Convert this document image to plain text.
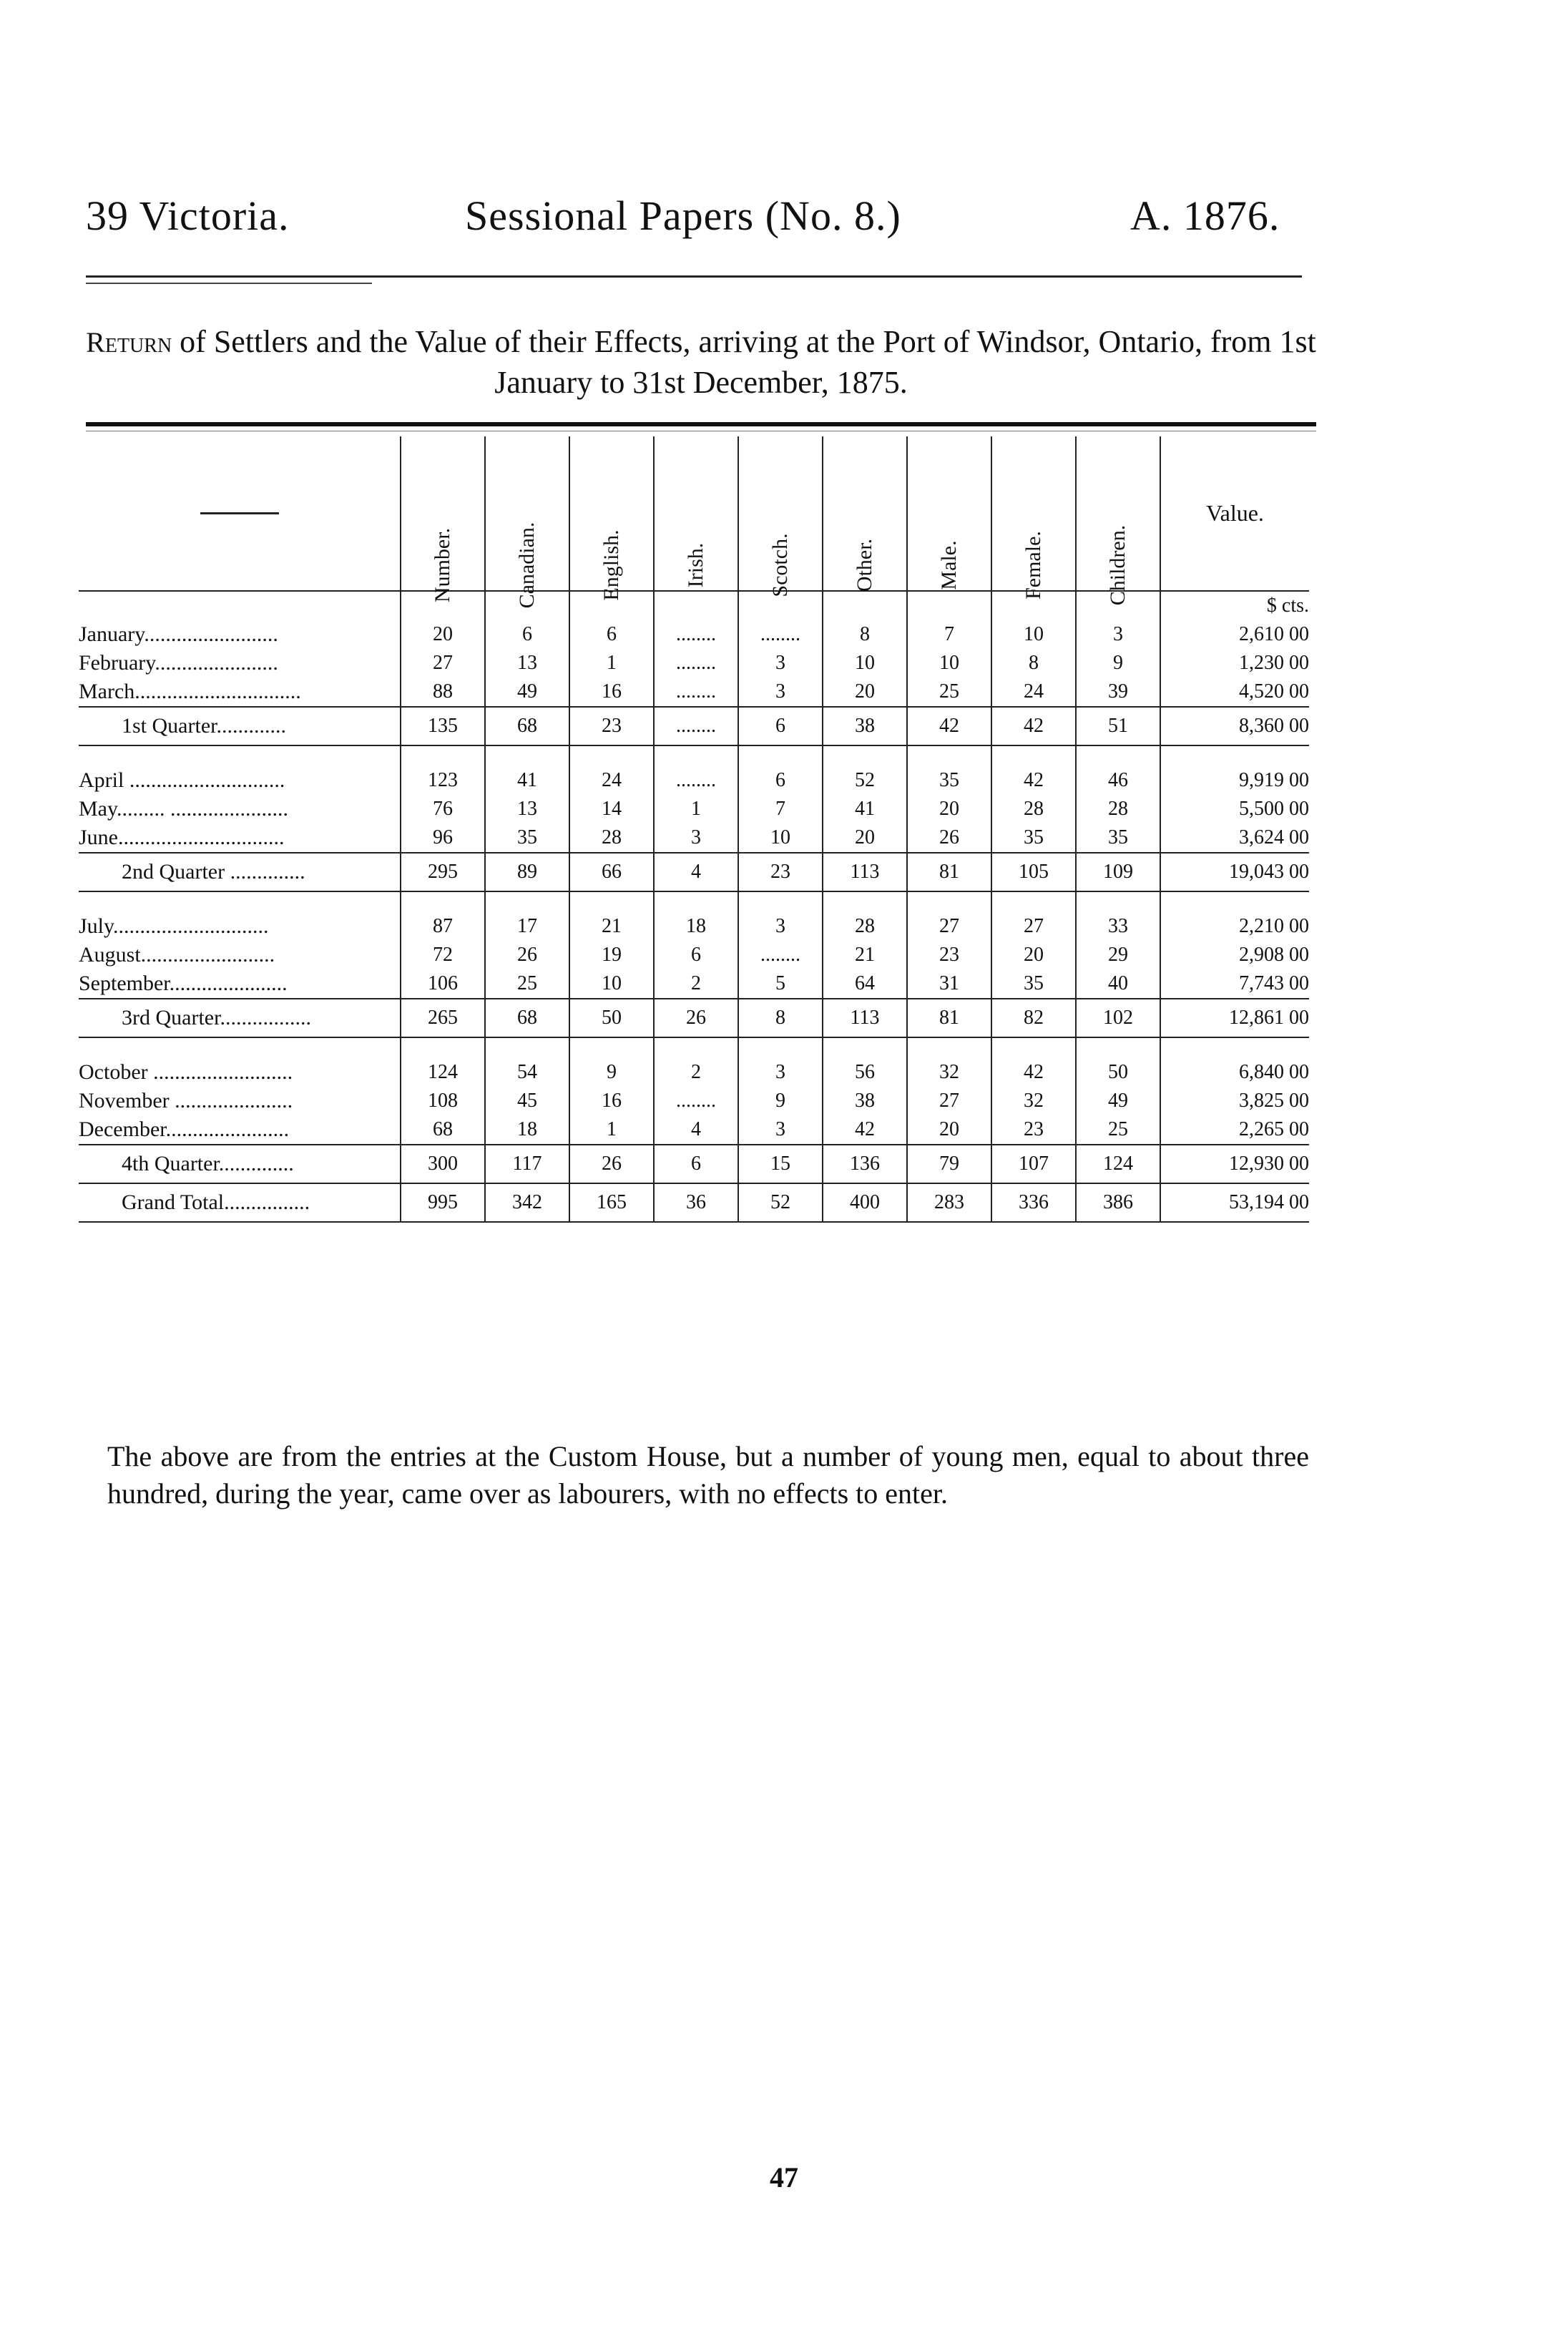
39 Victoria.	Sessional Papers (No. 8.)	A. 1876.
Return of Settlers and the Value of their Effects, arriving at the Port of Windsor, Ontario, from 1st January to 31st December, 1875.

	Number.	Canadian.	English.	Irish.	Scotch.	Other.	Male.	Female.	Children.	Value.
										$ cts.
January.........................	20	6	6	........	........	8	7	10	3	2,610 00
February.......................	27	13	1	........	3	10	10	8	9	1,230 00
March...............................	88	49	16	........	3	20	25	24	39	4,520 00
1st Quarter.............	135	68	23	........	6	38	42	42	51	8,360 00

April .............................	123	41	24	........	6	52	35	42	46	9,919 00
May......... ......................	76	13	14	1	7	41	20	28	28	5,500 00
June...............................	96	35	28	3	10	20	26	35	35	3,624 00
2nd Quarter ..............	295	89	66	4	23	113	81	105	109	19,043 00

July.............................	87	17	21	18	3	28	27	27	33	2,210 00
August.........................	72	26	19	6	........	21	23	20	29	2,908 00
September......................	106	25	10	2	5	64	31	35	40	7,743 00
3rd Quarter.................	265	68	50	26	8	113	81	82	102	12,861 00

October ..........................	124	54	9	2	3	56	32	42	50	6,840 00
November ......................	108	45	16	........	9	38	27	32	49	3,825 00
December.......................	68	18	1	4	3	42	20	23	25	2,265 00
4th Quarter..............	300	117	26	6	15	136	79	107	124	12,930 00
Grand Total................	995	342	165	36	52	400	283	336	386	53,194 00
The above are from the entries at the Custom House, but a number of young men, equal to about three hundred, during the year, came over as labourers, with no effects to enter.
47
